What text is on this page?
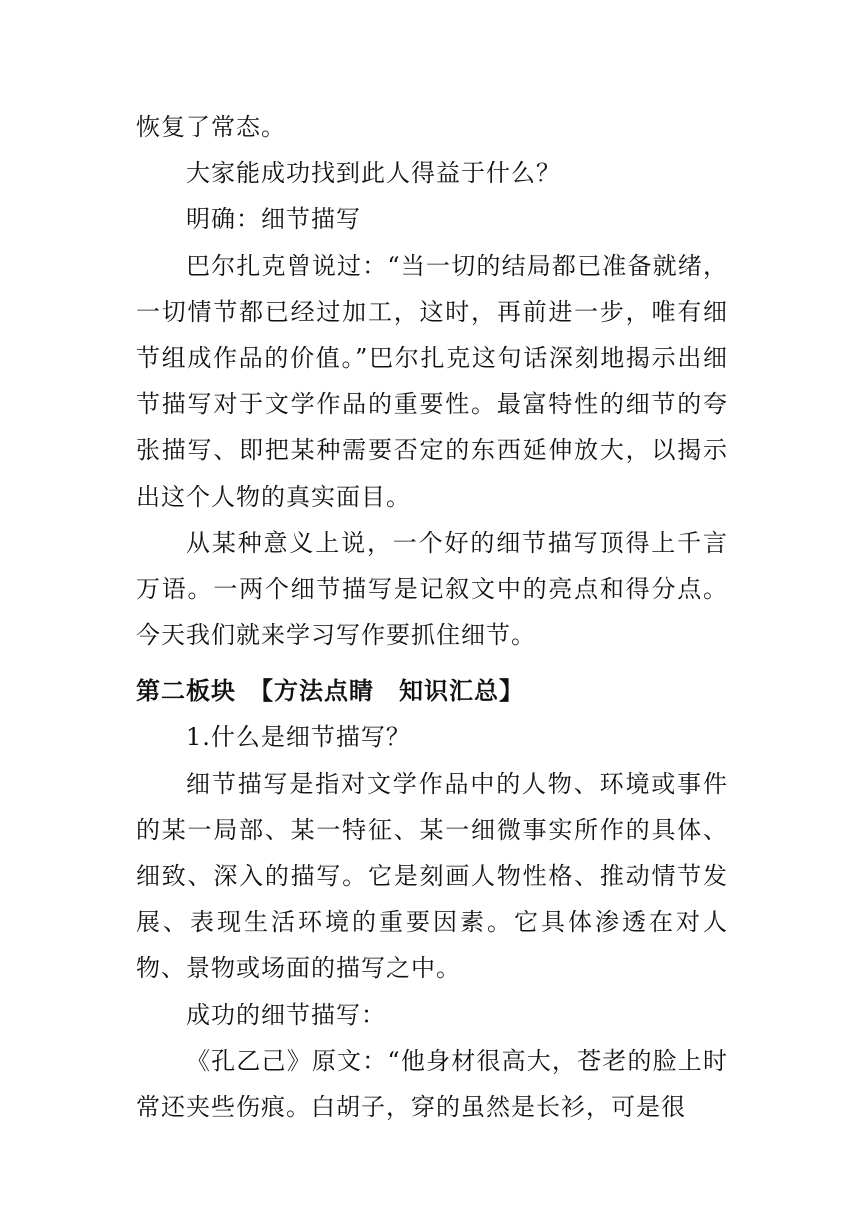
恢复了常态。

大家能成功找到此人得益于什么？

明确：细节描写

巴尔扎克曾说过：“当一切的结局都已准备就绪，一切情节都已经过加工，这时，再前进一步，唯有细节组成作品的价值。”巴尔扎克这句话深刻地揭示出细节描写对于文学作品的重要性。最富特性的细节的夸张描写、即把某种需要否定的东西延伸放大，以揭示出这个人物的真实面目。

从某种意义上说，一个好的细节描写顶得上千言万语。一两个细节描写是记叙文中的亮点和得分点。今天我们就来学习写作要抓住细节。

第二板块　【方法点睛　知识汇总】

1.什么是细节描写？

细节描写是指对文学作品中的人物、环境或事件的某一局部、某一特征、某一细微事实所作的具体、细致、深入的描写。它是刻画人物性格、推动情节发展、表现生活环境的重要因素。它具体渗透在对人物、景物或场面的描写之中。

成功的细节描写：

《孔乙己》原文：“他身材很高大，苍老的脸上时常还夹些伤痕。白胡子，穿的虽然是长衫，可是很
